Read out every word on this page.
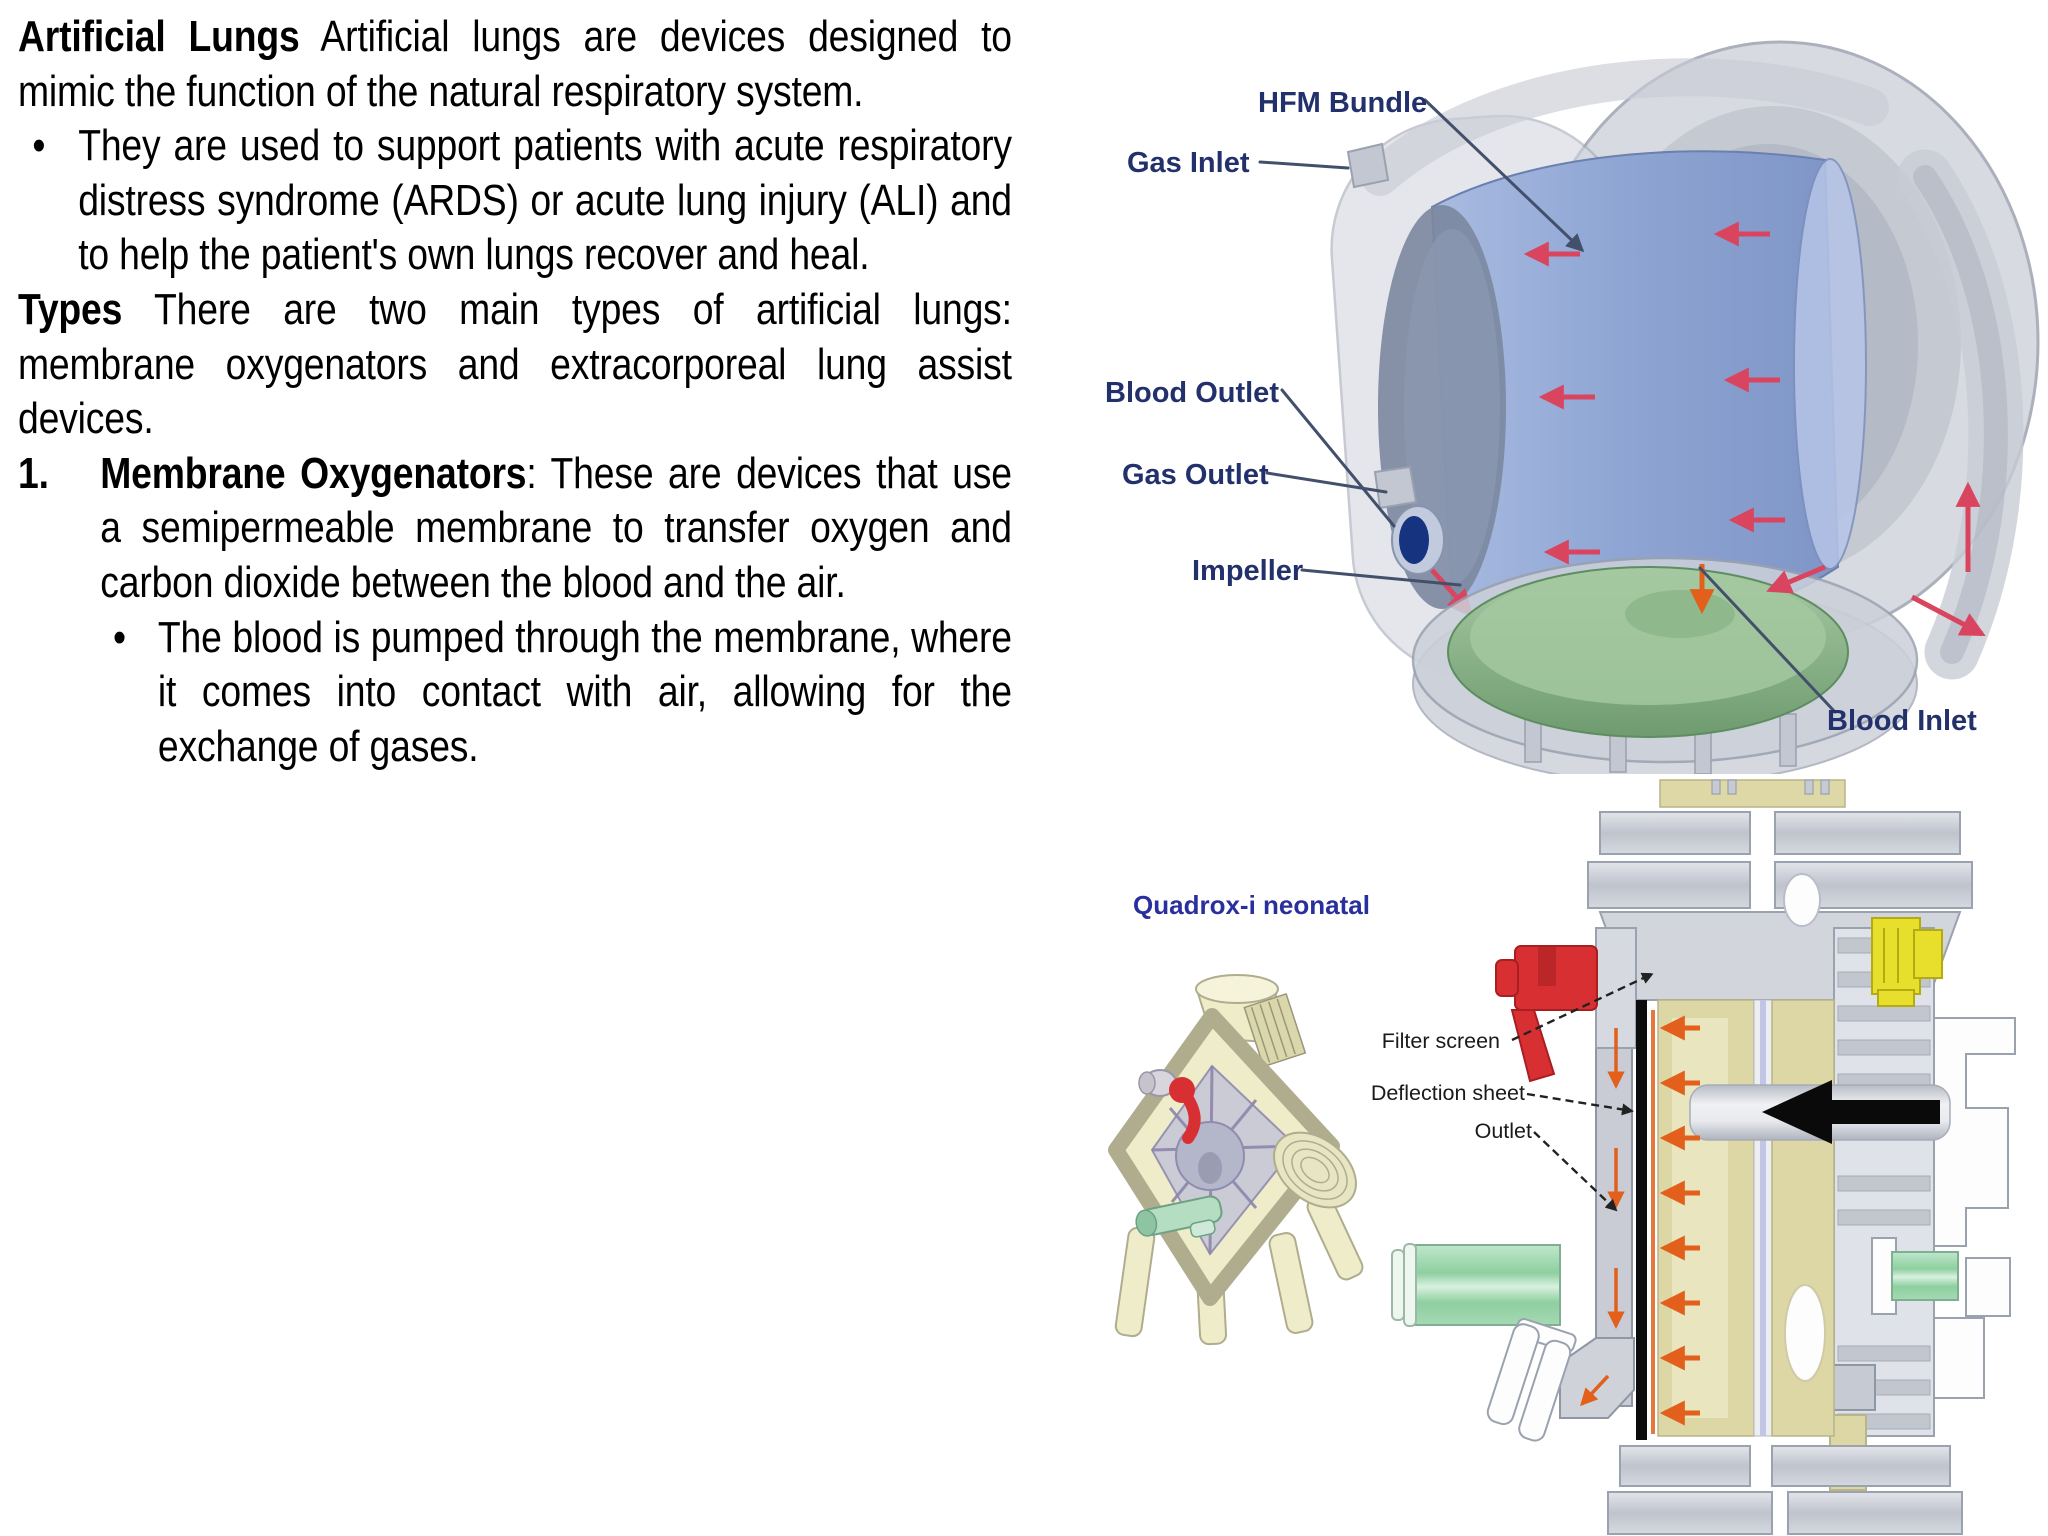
Artificial Lungs Artificial lungs are devices designed to mimic the function of the natural respiratory system.

• They are used to support patients with acute respiratory distress syndrome (ARDS) or acute lung injury (ALI) and to help the patient's own lungs recover and heal.

Types There are two main types of artificial lungs: membrane oxygenators and extracorporeal lung assist devices.

1. Membrane Oxygenators: These are devices that use a semipermeable membrane to transfer oxygen and carbon dioxide between the blood and the air.

• The blood is pumped through the membrane, where it comes into contact with air, allowing for the exchange of gases.

HFM Bundle
Gas Inlet
Blood Outlet
Gas Outlet
Impeller
Blood Inlet
Quadrox-i neonatal
Filter screen
Deflection sheet
Outlet
